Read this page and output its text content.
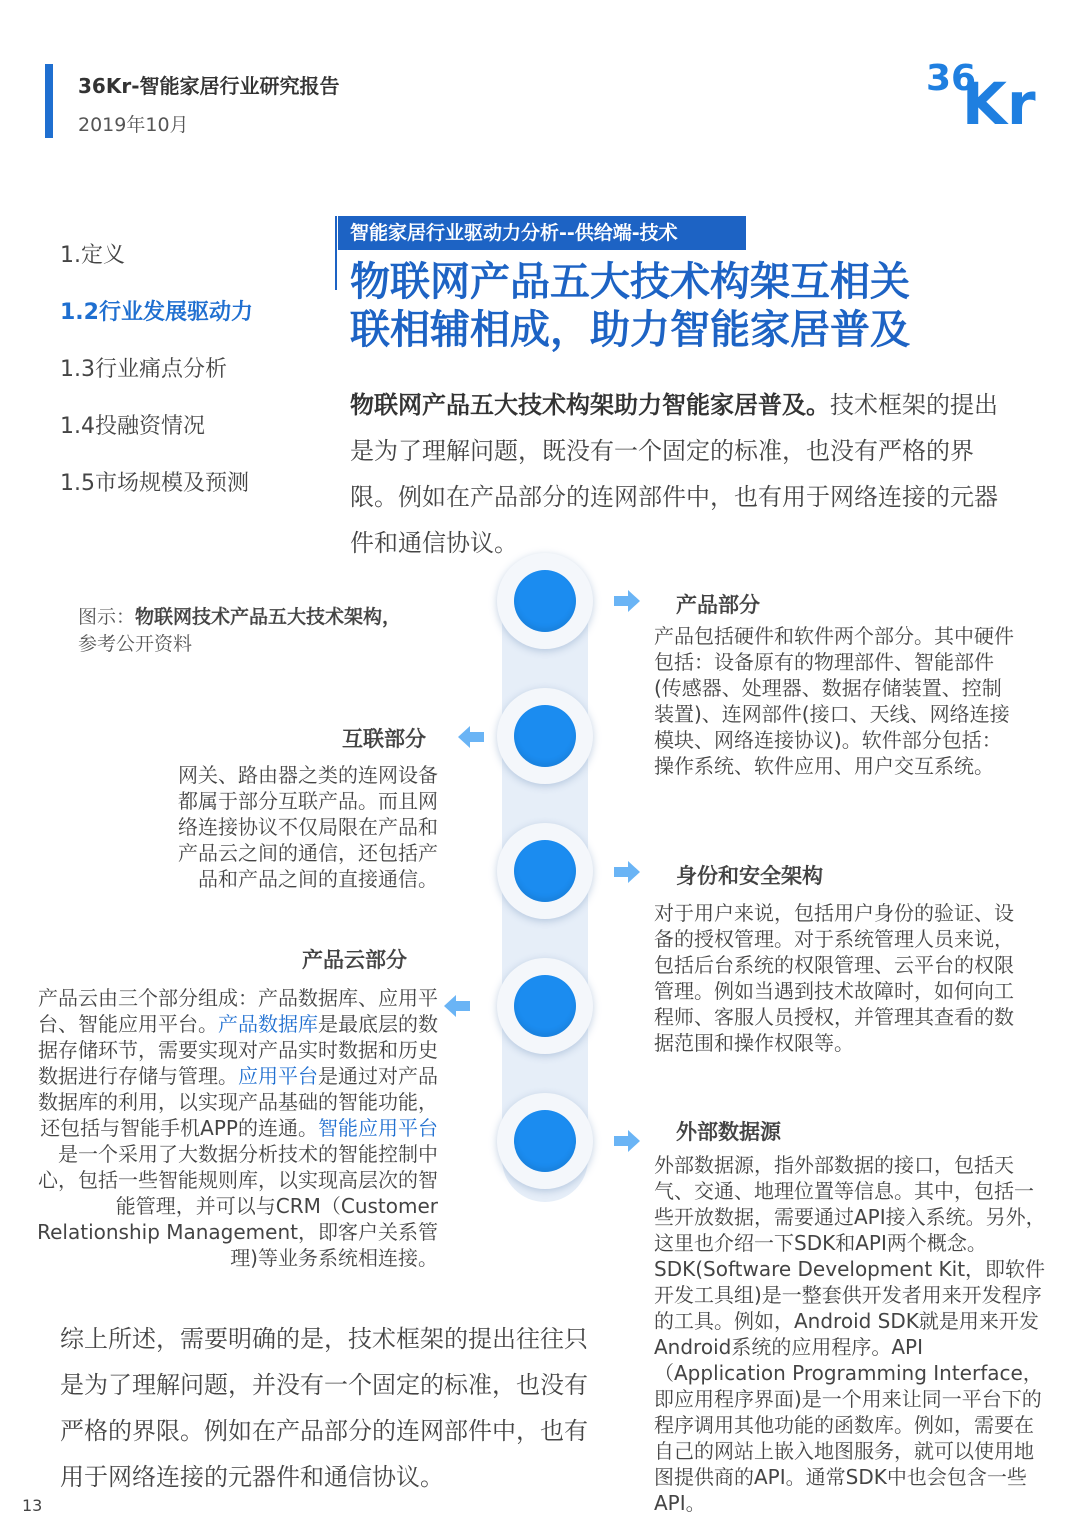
36Kr-智能家居行业研究报告
2019年10月
36
Kr
1.定义
1.2行业发展驱动力
1.3行业痛点分析
1.4投融资情况
1.5市场规模及预测
智能家居行业驱动力分析--供给端-技术
物联网产品五大技术构架互相关
联相辅相成，助力智能家居普及
物联网产品五大技术构架助力智能家居普及。技术框架的提出是为了理解问题，既没有一个固定的标准，也没有严格的界限。例如在产品部分的连网部件中，也有用于网络连接的元器件和通信协议。
图示：物联网技术产品五大技术架构，
参考公开资料
产品部分
产品包括硬件和软件两个部分。其中硬件包括：设备原有的物理部件、智能部件(传感器、处理器、数据存储装置、控制装置)、连网部件(接口、天线、网络连接模块、网络连接协议)。软件部分包括：操作系统、软件应用、用户交互系统。
互联部分
网关、路由器之类的连网设备
都属于部分互联产品。而且网
络连接协议不仅局限在产品和
产品云之间的通信，还包括产
品和产品之间的直接通信。	身份和安全架构
对于用户来说，包括用户身份的验证、设备的授权管理。对于系统管理人员来说，包括后台系统的权限管理、云平台的权限管理。例如当遇到技术故障时，如何向工程师、客服人员授权，并管理其查看的数据范围和操作权限等。
产品云部分
产品云由三个部分组成：产品数据库、应用平台、智能应用平台。产品数据库是最底层的数据存储环节，需要实现对产品实时数据和历史数据进行存储与管理。应用平台是通过对产品数据库的利用，以实现产品基础的智能功能，还包括与智能手机APP的连通。智能应用平台是一个采用了大数据分析技术的智能控制中心，包括一些智能规则库，以实现高层次的智能管理，并可以与CRM（Customer Relationship Management，即客户关系管理)等业务系统相连接。
外部数据源
外部数据源，指外部数据的接口，包括天气、交通、地理位置等信息。其中，包括一些开放数据，需要通过API接入系统。另外，这里也介绍一下SDK和API两个概念。SDK(Software Development Kit，即软件开发工具组)是一整套供开发者用来开发程序的工具。例如，Android SDK就是用来开发Android系统的应用程序。API（Application Programming Interface，即应用程序界面)是一个用来让同一平台下的程序调用其他功能的函数库。例如，需要在自己的网站上嵌入地图服务，就可以使用地图提供商的API。通常SDK中也会包含一些API。
综上所述，需要明确的是，技术框架的提出往往只是为了理解问题，并没有一个固定的标准，也没有严格的界限。例如在产品部分的连网部件中，也有用于网络连接的元器件和通信协议。
13
